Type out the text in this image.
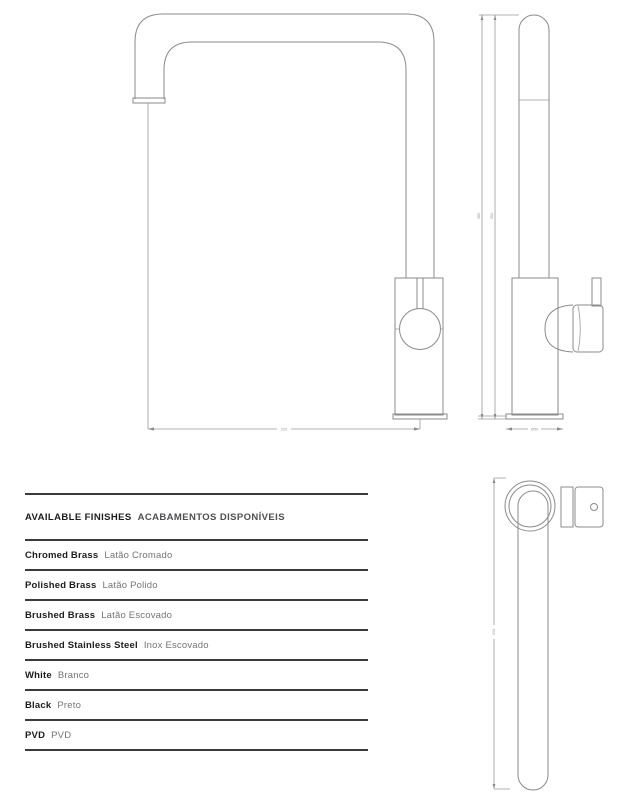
220
380 350
Ø50
310
AVAILABLE FINISHES ACABAMENTOS DISPONÍVEIS
Chromed Brass Latão Cromado
Polished Brass Latão Polido
Brushed Brass Latão Escovado
Brushed Stainless Steel Inox Escovado
White Branco
Black Preto
PVD PVD
